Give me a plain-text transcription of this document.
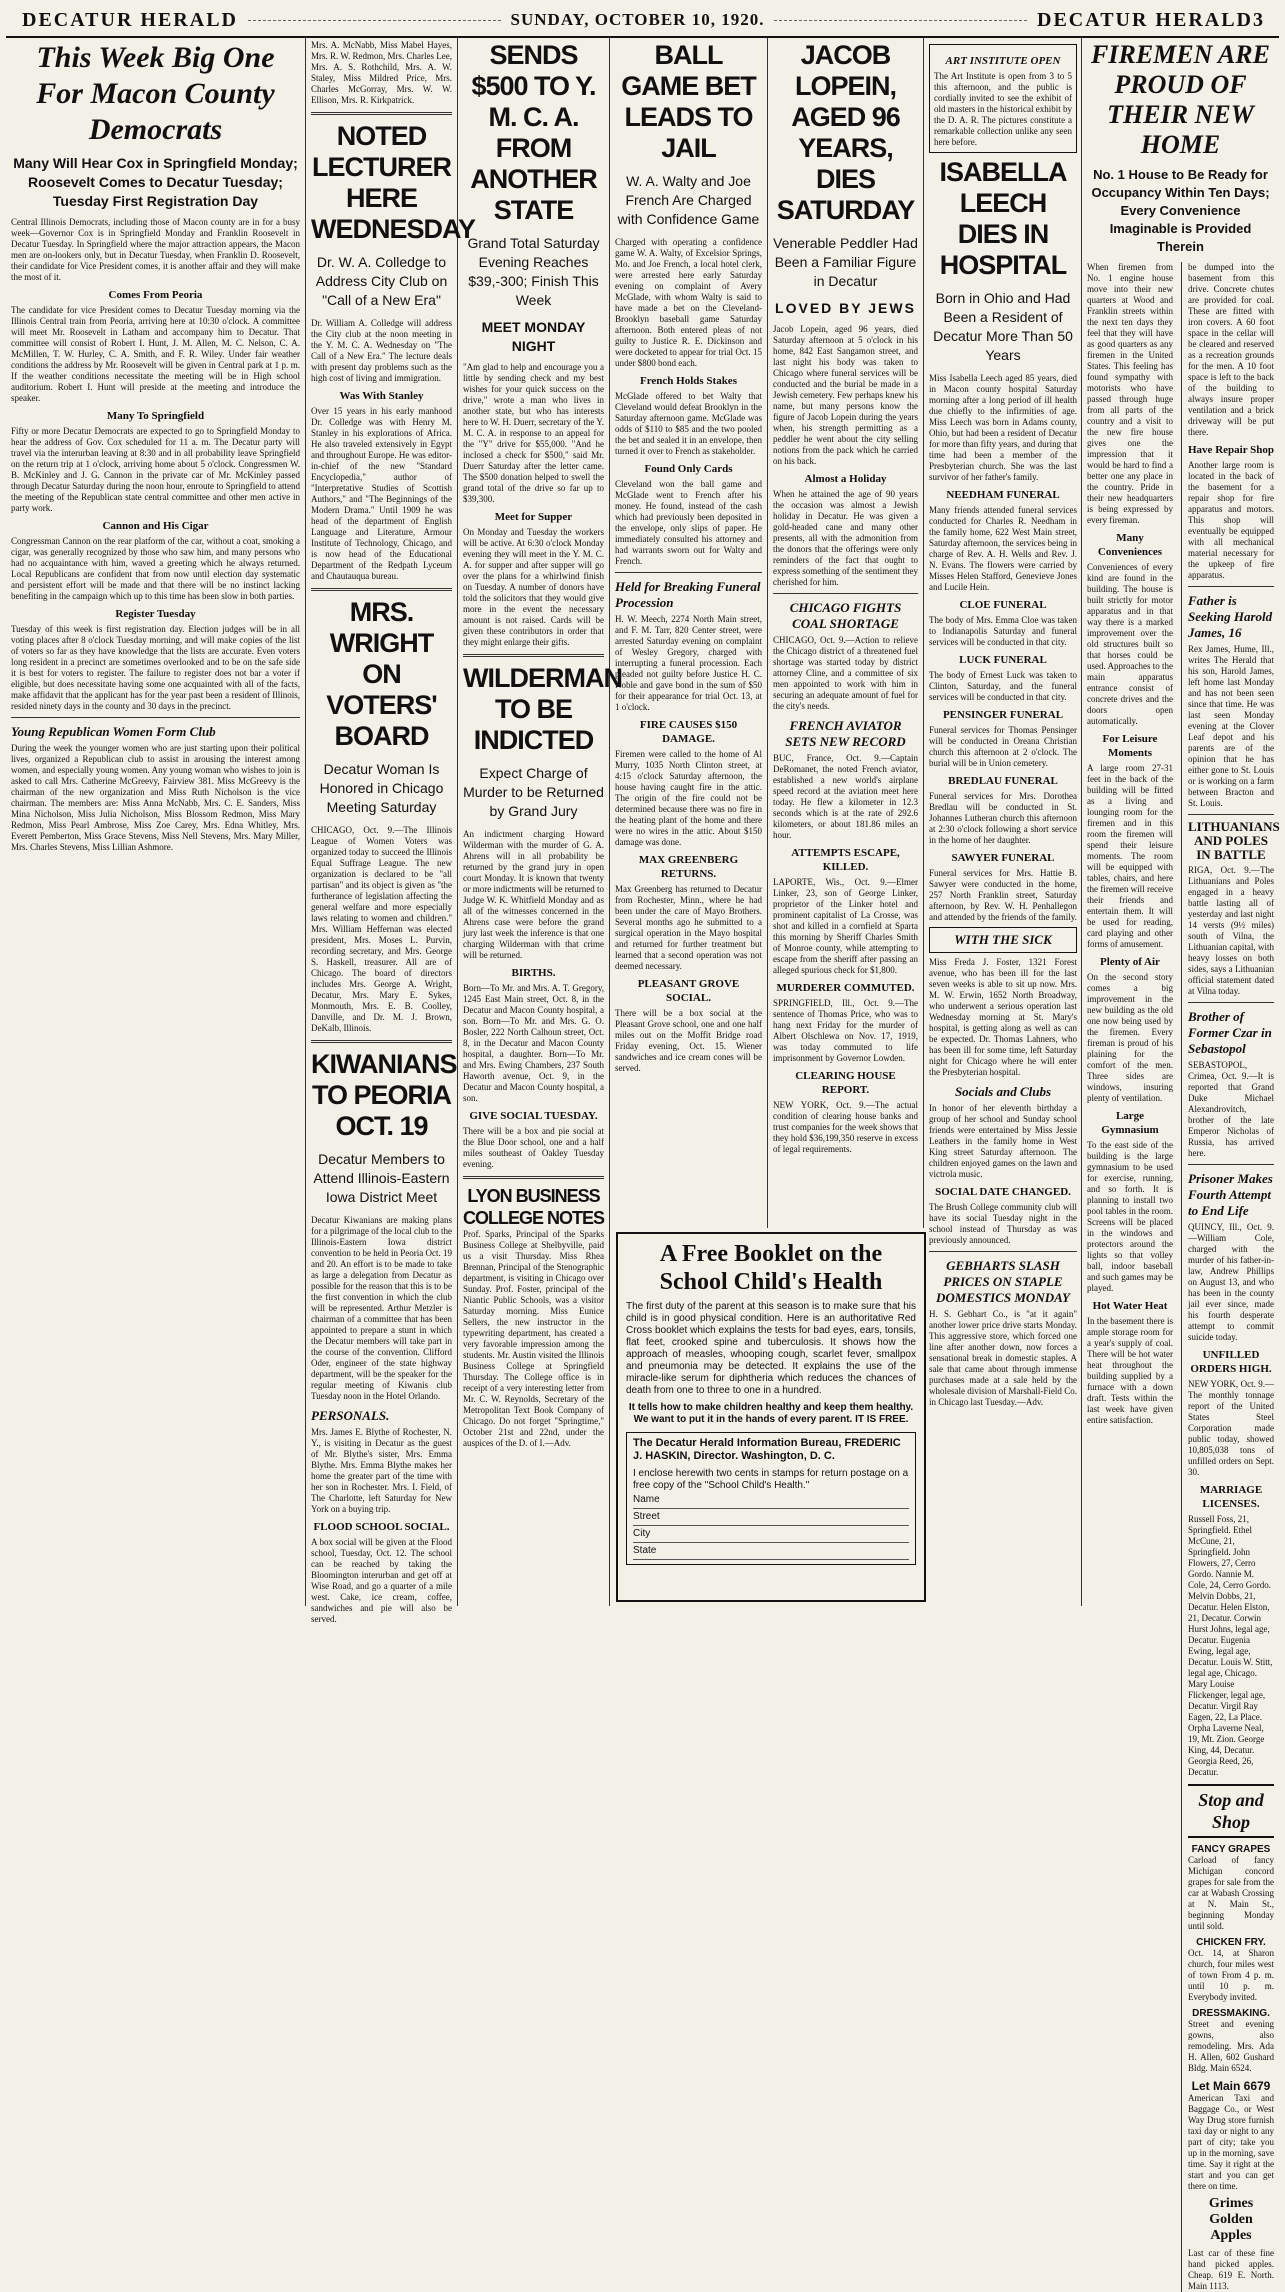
DECATUR HERALD	SUNDAY, OCTOBER 10, 1920.	DECATUR HERALD 3
This Week Big One For Macon County Democrats
Many Will Hear Cox in Springfield Monday; Roosevelt Comes to Decatur Tuesday; Tuesday First Registration Day
Central Illinois Democrats, including those of Macon county are in for a busy week—Governor Cox is in Springfield Monday and Franklin Roosevelt in Decatur Tuesday. In Springfield where the major attraction appears, the Macon men are on-lookers only, but in Decatur Tuesday, when Franklin D. Roosevelt, their candidate for Vice President comes, it is another affair and they will make the most of it.
Comes From Peoria
The candidate for vice President comes to Decatur Tuesday morning via the Illinois Central train from Peoria, arriving here at 10:30 o'clock. A committee will meet Mr. Roosevelt in Latham and accompany him to Decatur. That committee will consist of Robert I. Hunt, J. M. Allen, M. C. Nelson, C. A. McMillen, T. W. Hurley, C. A. Smith, and F. R. Wiley. Under fair weather conditions the address by Mr. Roosevelt will be given in Central park at 1 p. m. If the weather conditions necessitate the meeting will be in High school auditorium. Robert I. Hunt will preside at the meeting and introduce the speaker.
Many To Springfield
Fifty or more Decatur Democrats are expected to go to Springfield Monday to hear the address of Gov. Cox scheduled for 11 a. m. The Decatur party will travel via the interurban leaving at 8:30 and in all probability leave Springfield on the return trip at 1 o'clock, arriving home about 5 o'clock. Congressmen W. B. McKinley and J. G. Cannon in the private car of Mr. McKinley passed through Decatur Saturday during the noon hour, enroute to Springfield to attend the meeting of the Republican state central committee and other men active in party work.
Cannon and His Cigar
Congressman Cannon on the rear platform of the car, without a coat, smoking a cigar, was generally recognized by those who saw him, and many persons who had no acquaintance with him, waved a greeting which he always returned. Local Republicans are confident that from now until election day systematic and persistent effort will be made and that there will be no instinct lacking benefiting in the campaign which up to this time has been slow in both parties.
Register Tuesday
Tuesday of this week is first registration day. Election judges will be in all voting places after 8 o'clock Tuesday morning, and will make copies of the list of voters so far as they have knowledge that the lists are accurate. Even voters long resident in a precinct are sometimes overlooked and to be on the safe side it is best for voters to register. The failure to register does not bar a voter if eligible, but does necessitate having some one acquainted with all of the facts, make affidavit that the applicant has for the year past been a resident of Illinois, resided ninety days in the county and 30 days in the precinct.
Young Republican Women Form Club
During the week the younger women who are just starting upon their political lives, organized a Republican club to assist in arousing the interest among women, and especially young women. Any young woman who wishes to join is asked to call Mrs. Catherine McGreevy, Fairview 381. Miss McGreevy is the chairman of the new organization and Miss Ruth Nicholson is the vice chairman. The members are: Miss Anna McNabb, Mrs. C. E. Sanders, Miss Mina Nicholson, Miss Julia Nicholson, Miss Blossom Redmon, Miss Mary Redmon, Miss Pearl Ambrose, Miss Zoe Carey, Mrs. Edna Whitley, Mrs. Everett Pemberton, Miss Grace Stevens, Miss Nell Stevens, Mrs. Mary Miller, Mrs. Charles Stevens, Miss Lillian Ashmore.
Mrs. A. McNabb, Miss Mabel Hayes, Mrs. R. W. Redmon, Mrs. Charles Lee, Mrs. A. S. Rothchild, Mrs. A. W. Staley, Miss Mildred Price, Mrs. Charles McGorray, Mrs. W. W. Ellison, Mrs. R. Kirkpatrick.
NOTED LECTURER HERE WEDNESDAY
Dr. W. A. Colledge to Address City Club on "Call of a New Era"
Dr. William A. Colledge will address the City club at the noon meeting in the Y. M. C. A. Wednesday on "The Call of a New Era." The lecture deals with present day problems such as the high cost of living and immigration.
Was With Stanley
Over 15 years in his early manhood Dr. Colledge was with Henry M. Stanley in his explorations of Africa. He also traveled extensively in Egypt and throughout Europe. He was editor-in-chief of the new "Standard Encyclopedia," author of "Interpretative Studies of Scottish Authors," and "The Beginnings of the Modern Drama." Until 1909 he was head of the department of English Language and Literature, Armour Institute of Technology, Chicago, and is now head of the Educational Department of the Redpath Lyceum and Chautauqua bureau.
MRS. WRIGHT ON VOTERS' BOARD
Decatur Woman Is Honored in Chicago Meeting Saturday
CHICAGO, Oct. 9.—The Illinois League of Women Voters was organized today to succeed the Illinois Equal Suffrage League. The new organization is declared to be "all partisan" and its object is given as "the furtherance of legislation affecting the general welfare and more especially laws relating to women and children." Mrs. William Heffernan was elected president, Mrs. Moses L. Purvin, recording secretary, and Mrs. George S. Haskell, treasurer. All are of Chicago. The board of directors includes Mrs. George A. Wright, Decatur, Mrs. Mary E. Sykes, Monmouth, Mrs. E. B. Coolley, Danville, and Dr. M. J. Brown, DeKalb, Illinois.
KIWANIANS TO PEORIA OCT. 19
Decatur Members to Attend Illinois-Eastern Iowa District Meet
Decatur Kiwanians are making plans for a pilgrimage of the local club to the Illinois-Eastern Iowa district convention to be held in Peoria Oct. 19 and 20. An effort is to be made to take as large a delegation from Decatur as possible for the reason that this is to be the first convention in which the club will be represented. Arthur Metzler is chairman of a committee that has been appointed to prepare a stunt in which the Decatur members will take part in the course of the convention. Clifford Oder, engineer of the state highway department, will be the speaker for the regular meeting of Kiwanis club Tuesday noon in the Hotel Orlando.
PERSONALS.
Mrs. James E. Blythe of Rochester, N. Y., is visiting in Decatur as the guest of Mr. Blythe's sister, Mrs. Emma Blythe. Mrs. Emma Blythe makes her home the greater part of the time with her son in Rochester. Mrs. I. Field, of The Charlotte, left Saturday for New York on a buying trip.
FLOOD SCHOOL SOCIAL.
A box social will be given at the Flood school, Tuesday, Oct. 12. The school can be reached by taking the Bloomington interurban and get off at Wise Road, and go a quarter of a mile west. Cake, ice cream, coffee, sandwiches and pie will also be served.
SENDS $500 TO Y. M. C. A. FROM ANOTHER STATE
Grand Total Saturday Evening Reaches $39,-300; Finish This Week
MEET MONDAY NIGHT
"Am glad to help and encourage you a little by sending check and my best wishes for your quick success on the drive," wrote a man who lives in another state, but who has interests here to W. H. Duerr, secretary of the Y. M. C. A. in response to an appeal for the "Y" drive for $55,000. "And he inclosed a check for $500," said Mr. Duerr Saturday after the letter came. The $500 donation helped to swell the grand total of the drive so far up to $39,300.
Meet for Supper
On Monday and Tuesday the workers will be active. At 6:30 o'clock Monday evening they will meet in the Y. M. C. A. for supper and after supper will go over the plans for a whirlwind finish on Tuesday. A number of donors have told the solicitors that they would give more in the event the necessary amount is not raised. Cards will be given these contributors in order that they might enlarge their gifts.
WILDERMAN TO BE INDICTED
Expect Charge of Murder to be Returned by Grand Jury
An indictment charging Howard Wilderman with the murder of G. A. Ahrens will in all probability be returned by the grand jury in open court Monday. It is known that twenty or more indictments will be returned to Judge W. K. Whitfield Monday and as all of the witnesses concerned in the Ahrens case were before the grand jury last week the inference is that one charging Wilderman with that crime will be returned.
BIRTHS.
Born—To Mr. and Mrs. A. T. Gregory, 1245 East Main street, Oct. 8, in the Decatur and Macon County hospital, a son. Born—To Mr. and Mrs. G. O. Bosler, 222 North Calhoun street, Oct. 8, in the Decatur and Macon County hospital, a daughter. Born—To Mr. and Mrs. Ewing Chambers, 237 South Haworth avenue, Oct. 9, in the Decatur and Macon County hospital, a son.
GIVE SOCIAL TUESDAY.
There will be a box and pie social at the Blue Door school, one and a half miles southeast of Oakley Tuesday evening.
LYON BUSINESS COLLEGE NOTES
Prof. Sparks, Principal of the Sparks Business College at Shelbyville, paid us a visit Thursday. Miss Rhea Brennan, Principal of the Stenographic department, is visiting in Chicago over Sunday. Prof. Foster, principal of the Niantic Public Schools, was a visitor Saturday morning. Miss Eunice Sellers, the new instructor in the typewriting department, has created a very favorable impression among the students. Mr. Austin visited the Illinois Business College at Springfield Thursday. The College office is in receipt of a very interesting letter from Mr. C. W. Reynolds, Secretary of the Metropolitan Text Book Company of Chicago. Do not forget "Springtime," October 21st and 22nd, under the auspices of the D. of I.—Adv.
BALL GAME BET LEADS TO JAIL
W. A. Walty and Joe French Are Charged with Confidence Game
Charged with operating a confidence game W. A. Walty, of Excelsior Springs, Mo. and Joe French, a local hotel clerk, were arrested here early Saturday evening on complaint of Avery McGlade, with whom Walty is said to have made a bet on the Cleveland-Brooklyn baseball game Saturday afternoon. Both entered pleas of not guilty to Justice R. E. Dickinson and were docketed to appear for trial Oct. 15 under $800 bond each.
French Holds Stakes
McGlade offered to bet Walty that Cleveland would defeat Brooklyn in the Saturday afternoon game. McGlade was odds of $110 to $85 and the two pooled the bet and sealed it in an envelope, then turned it over to French as stakeholder.
Found Only Cards
Cleveland won the ball game and McGlade went to French after his money. He found, instead of the cash which had previously been deposited in the envelope, only slips of paper. He immediately consulted his attorney and had warrants sworn out for Walty and French.
Held for Breaking Funeral Procession
H. W. Meech, 2274 North Main street, and F. M. Tarr, 820 Center street, were arrested Saturday evening on complaint of Wesley Gregory, charged with interrupting a funeral procession. Each pleaded not guilty before Justice H. C. Noble and gave bond in the sum of $50 for their appearance for trial Oct. 13, at 1 o'clock.
FIRE CAUSES $150 DAMAGE.
Firemen were called to the home of Al Murry, 1035 North Clinton street, at 4:15 o'clock Saturday afternoon, the house having caught fire in the attic. The origin of the fire could not be determined because there was no fire in the heating plant of the home and there were no wires in the attic. About $150 damage was done.
MAX GREENBERG RETURNS.
Max Greenberg has returned to Decatur from Rochester, Minn., where he had been under the care of Mayo Brothers. Several months ago he submitted to a surgical operation in the Mayo hospital and returned for further treatment but learned that a second operation was not deemed necessary.
PLEASANT GROVE SOCIAL.
There will be a box social at the Pleasant Grove school, one and one half miles out on the Moffit Bridge road Friday evening, Oct. 15. Wiener sandwiches and ice cream cones will be served.
JACOB LOPEIN, AGED 96 YEARS, DIES SATURDAY
Venerable Peddler Had Been a Familiar Figure in Decatur
LOVED BY JEWS
Jacob Lopein, aged 96 years, died Saturday afternoon at 5 o'clock in his home, 842 East Sangamon street, and last night his body was taken to Chicago where funeral services will be conducted and the burial be made in a Jewish cemetery. Few perhaps knew his name, but many persons know the figure of Jacob Lopein during the years when, his strength permitting as a peddler he went about the city selling notions from the pack which he carried on his back.
Almost a Holiday
When he attained the age of 90 years the occasion was almost a Jewish holiday in Decatur. He was given a gold-headed cane and many other presents, all with the admonition from the donors that the offerings were only reminders of the fact that ought to express something of the sentiment they cherished for him.
CHICAGO FIGHTS COAL SHORTAGE
CHICAGO, Oct. 9.—Action to relieve the Chicago district of a threatened fuel shortage was started today by district attorney Cline, and a committee of six men appointed to work with him in securing an adequate amount of fuel for the city's needs.
FRENCH AVIATOR SETS NEW RECORD
BUC, France, Oct. 9.—Captain DeRomanet, the noted French aviator, established a new world's airplane speed record at the aviation meet here today. He flew a kilometer in 12.3 seconds which is at the rate of 292.6 kilometers, or about 181.86 miles an hour.
ATTEMPTS ESCAPE, KILLED.
LAPORTE, Wis., Oct. 9.—Elmer Linker, 23, son of George Linker, proprietor of the Linker hotel and prominent capitalist of La Crosse, was shot and killed in a cornfield at Sparta this morning by Sheriff Charles Smith of Monroe county, while attempting to escape from the sheriff after passing an alleged spurious check for $1,800.
MURDERER COMMUTED.
SPRINGFIELD, Ill., Oct. 9.—The sentence of Thomas Price, who was to hang next Friday for the murder of Albert Olschlewa on Nov. 17, 1919, was today commuted to life imprisonment by Governor Lowden.
CLEARING HOUSE REPORT.
NEW YORK, Oct. 9.—The actual condition of clearing house banks and trust companies for the week shows that they hold $36,199,350 reserve in excess of legal requirements.
ART INSTITUTE OPEN
The Art Institute is open from 3 to 5 this afternoon, and the public is cordially invited to see the exhibit of old masters in the historical exhibit by the D. A. R. The pictures constitute a remarkable collection unlike any seen here before.
ISABELLA LEECH DIES IN HOSPITAL
Born in Ohio and Had Been a Resident of Decatur More Than 50 Years
Miss Isabella Leech aged 85 years, died in Macon county hospital Saturday morning after a long period of ill health due chiefly to the infirmities of age. Miss Leech was born in Adams county, Ohio, but had been a resident of Decatur for more than fifty years, and during that time had been a member of the Presbyterian church. She was the last survivor of her father's family.
NEEDHAM FUNERAL
Many friends attended funeral services conducted for Charles R. Needham in the family home, 622 West Main street, Saturday afternoon, the services being in charge of Rev. A. H. Wells and Rev. J. N. Evans. The flowers were carried by Misses Helen Stafford, Genevieve Jones and Lucile Hein.
CLOE FUNERAL
The body of Mrs. Emma Cloe was taken to Indianapolis Saturday and funeral services will be conducted in that city.
LUCK FUNERAL
The body of Ernest Luck was taken to Clinton, Saturday, and the funeral services will be conducted in that city.
PENSINGER FUNERAL
Funeral services for Thomas Pensinger will be conducted in Oreana Christian church this afternoon at 2 o'clock. The burial will be in Union cemetery.
BREDLAU FUNERAL
Funeral services for Mrs. Dorothea Bredlau will be conducted in St. Johannes Lutheran church this afternoon at 2:30 o'clock following a short service in the home of her daughter.
SAWYER FUNERAL
Funeral services for Mrs. Hattie B. Sawyer were conducted in the home, 257 North Franklin street, Saturday afternoon, by Rev. W. H. Penhallegon and attended by the friends of the family.
WITH THE SICK
Miss Freda J. Foster, 1321 Forest avenue, who has been ill for the last seven weeks is able to sit up now. Mrs. M. W. Erwin, 1652 North Broadway, who underwent a serious operation last Wednesday morning at St. Mary's hospital, is getting along as well as can be expected. Dr. Thomas Lahners, who has been ill for some time, left Saturday night for Chicago where he will enter the Presbyterian hospital.
Socials and Clubs
In honor of her eleventh birthday a group of her school and Sunday school friends were entertained by Miss Jessie Leathers in the family home in West King street Saturday afternoon. The children enjoyed games on the lawn and victrola music.
SOCIAL DATE CHANGED.
The Brush College community club will have its social Tuesday night in the school instead of Thursday as was previously announced.
GEBHARTS SLASH PRICES ON STAPLE DOMESTICS MONDAY
H. S. Gebhart Co., is "at it again" another lower price drive starts Monday. This aggressive store, which forced one line after another down, now forces a sensational break in domestic staples. A sale that came about through immense purchases made at a sale held by the wholesale division of Marshall-Field Co. in Chicago last Tuesday.—Adv.
A Free Booklet on the School Child's Health
The first duty of the parent at this season is to make sure that his child is in good physical condition. Here is an authoritative Red Cross booklet which explains the tests for bad eyes, ears, tonsils, flat feet, crooked spine and tuberculosis. It shows how the approach of measles, whooping cough, scarlet fever, smallpox and pneumonia may be detected. It explains the use of the miracle-like serum for diphtheria which reduces the chances of death from one to three to one in a hundred.
It tells how to make children healthy and keep them healthy. We want to put it in the hands of every parent. IT IS FREE.
The Decatur Herald Information Bureau, FREDERIC J. HASKIN, Director. Washington, D. C.
I enclose herewith two cents in stamps for return postage on a free copy of the "School Child's Health."
Name
Street
City
State
FIREMEN ARE PROUD OF THEIR NEW HOME
No. 1 House to Be Ready for Occupancy Within Ten Days; Every Convenience Imaginable is Provided Therein
When firemen from No. 1 engine house move into their new quarters at Wood and Franklin streets within the next ten days they feel that they will have as good quarters as any firemen in the United States. This feeling has found sympathy with motorists who have passed through huge from all parts of the country and a visit to the new fire house gives one the impression that it would be hard to find a better one any place in the country. Pride in their new headquarters is being expressed by every fireman.
Many Conveniences
Conveniences of every kind are found in the building. The house is built strictly for motor apparatus and in that way there is a marked improvement over the old structures built so that horses could be used. Approaches to the main apparatus entrance consist of concrete drives and the doors open automatically.
For Leisure Moments
A large room 27-31 feet in the back of the building will be fitted as a living and lounging room for the firemen and in this room the firemen will spend their leisure moments. The room will be equipped with tables, chairs, and here the firemen will receive their friends and entertain them. It will be used for reading, card playing and other forms of amusement.
Plenty of Air
On the second story comes a big improvement in the new building as the old one now being used by the firemen. Every fireman is proud of his plaining for the comfort of the men. Three sides are windows, insuring plenty of ventilation.
Large Gymnasium
To the east side of the building is the large gymnasium to be used for exercise, running, and so forth. It is planning to install two pool tables in the room. Screens will be placed in the windows and protectors around the lights so that volley ball, indoor baseball and such games may be played.
Hot Water Heat
In the basement there is ample storage room for a year's supply of coal. There will be hot water heat throughout the building supplied by a furnace with a down draft. Tests within the last week have given entire satisfaction.
be dumped into the basement from this drive. Concrete chutes are provided for coal. These are fitted with iron covers. A 60 foot space in the cellar will be cleared and reserved as a recreation grounds for the men. A 10 foot space is left to the back of the building to always insure proper ventilation and a brick driveway will be put there.
Have Repair Shop
Another large room is located in the back of the basement for a repair shop for fire apparatus and motors. This shop will eventually be equipped with all mechanical material necessary for the upkeep of fire apparatus.
Father is Seeking Harold James, 16
Rex James, Hume, Ill., writes The Herald that his son, Harold James, left home last Monday and has not been seen since that time. He was last seen Monday evening at the Clover Leaf depot and his parents are of the opinion that he has either gone to St. Louis or is working on a farm between Bracton and St. Louis.
LITHUANIANS AND POLES IN BATTLE
RIGA, Oct. 9.—The Lithuanians and Poles engaged in a heavy battle lasting all of yesterday and last night 14 versts (9½ miles) south of Vilna, the Lithuanian capital, with heavy losses on both sides, says a Lithuanian official statement dated at Vilna today.
Brother of Former Czar in Sebastopol
SEBASTOPOL, Crimea, Oct. 9.—It is reported that Grand Duke Michael Alexandrovitch, brother of the late Emperor Nicholas of Russia, has arrived here.
Prisoner Makes Fourth Attempt to End Life
QUINCY, Ill., Oct. 9.—William Cole, charged with the murder of his father-in-law, Andrew Phillips on August 13, and who has been in the county jail ever since, made his fourth desperate attempt to commit suicide today.
UNFILLED ORDERS HIGH.
NEW YORK, Oct. 9.—The monthly tonnage report of the United States Steel Corporation made public today, showed 10,805,038 tons of unfilled orders on Sept. 30.
MARRIAGE LICENSES.
Russell Foss, 21, Springfield. Ethel McCune, 21, Springfield. John Flowers, 27, Cerro Gordo. Nannie M. Cole, 24, Cerro Gordo. Melvin Dobbs, 21, Decatur. Helen Elston, 21, Decatur. Corwin Hurst Johns, legal age, Decatur. Eugenia Ewing, legal age, Decatur. Louis W. Stitt, legal age, Chicago. Mary Louise Flickenger, legal age, Decatur. Virgil Ray Eagen, 22, La Place. Orpha Laverne Neal, 19, Mt. Zion. George King, 44, Decatur. Georgia Reed, 26, Decatur.
Stop and Shop
FANCY GRAPES
Carload of fancy Michigan concord grapes for sale from the car at Wabash Crossing at N. Main St., beginning Monday until sold.
CHICKEN FRY.
Oct. 14, at Sharon church, four miles west of town From 4 p. m. until 10 p. m. Everybody invited.
DRESSMAKING.
Street and evening gowns, also remodeling. Mrs. Ada H. Allen, 602 Gushard Bldg. Main 6524.
Let Main 6679
American Taxi and Baggage Co., or West Way Drug store furnish taxi day or night to any part of city; take you up in the morning, save time. Say it right at the start and you can get there on time.
Grimes Golden Apples
Last car of these fine hand picked apples. Cheap. 619 E. North. Main 1113.
